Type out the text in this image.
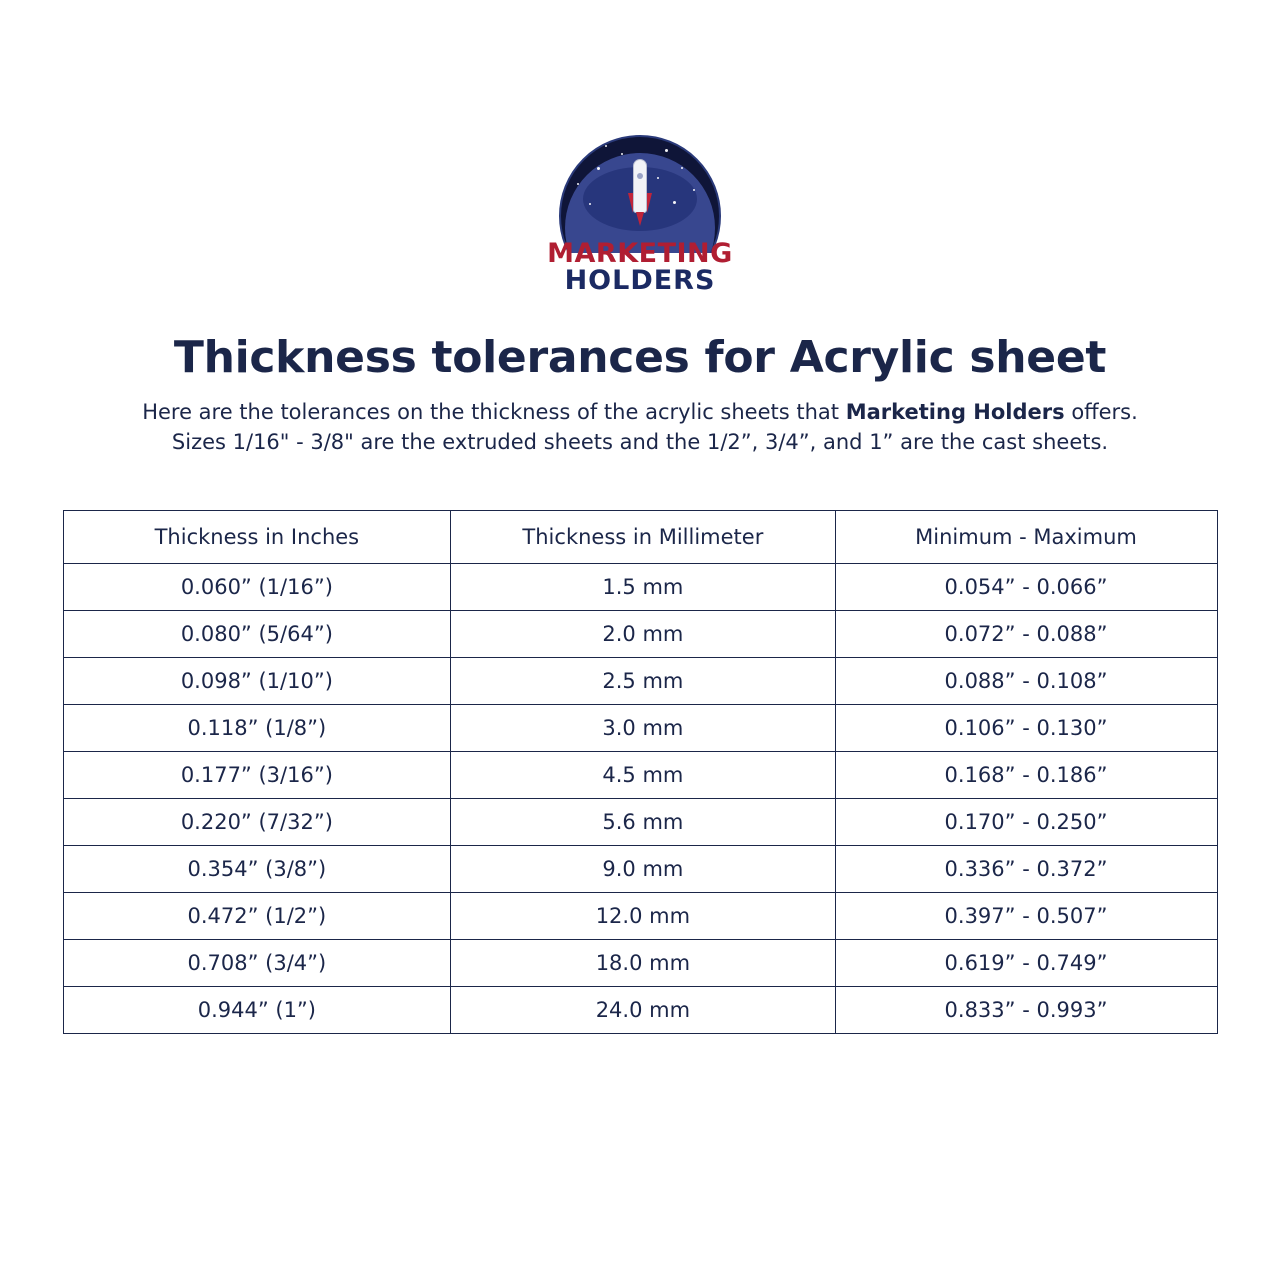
MARKETING
HOLDERS
Thickness tolerances for Acrylic sheet

Here are the tolerances on the thickness of the acrylic sheets that Marketing Holders offers.
Sizes 1/16" - 3/8" are the extruded sheets and the 1/2”, 3/4”, and 1” are the cast sheets.

Thickness in Inches	Thickness in Millimeter	Minimum - Maximum
0.060” (1/16”)	1.5 mm	0.054” - 0.066”
0.080” (5/64”)	2.0 mm	0.072” - 0.088”
0.098” (1/10”)	2.5 mm	0.088” - 0.108”
0.118” (1/8”)	3.0 mm	0.106” - 0.130”
0.177” (3/16”)	4.5 mm	0.168” - 0.186”
0.220” (7/32”)	5.6 mm	0.170” - 0.250”
0.354” (3/8”)	9.0 mm	0.336” - 0.372”
0.472” (1/2”)	12.0 mm	0.397” - 0.507”
0.708” (3/4”)	18.0 mm	0.619” - 0.749”
0.944” (1”)	24.0 mm	0.833” - 0.993”
